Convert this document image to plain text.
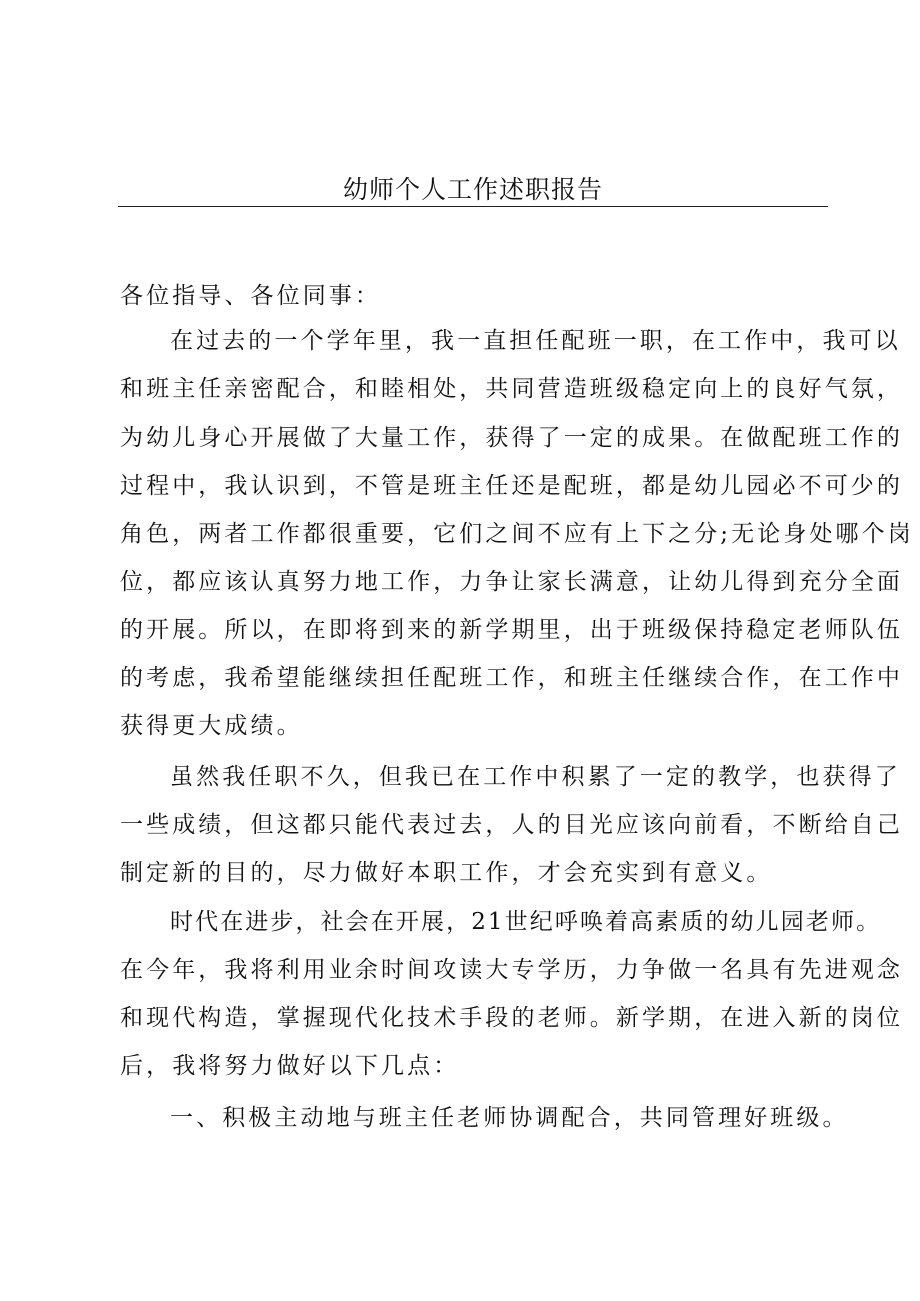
幼师个人工作述职报告
各位指导、各位同事：
在过去的一个学年里，我一直担任配班一职，在工作中，我可以
和班主任亲密配合，和睦相处，共同营造班级稳定向上的良好气氛，
为幼儿身心开展做了大量工作，获得了一定的成果。在做配班工作的
过程中，我认识到，不管是班主任还是配班，都是幼儿园必不可少的
角色，两者工作都很重要，它们之间不应有上下之分;无论身处哪个岗
位，都应该认真努力地工作，力争让家长满意，让幼儿得到充分全面
的开展。所以，在即将到来的新学期里，出于班级保持稳定老师队伍
的考虑，我希望能继续担任配班工作，和班主任继续合作，在工作中
获得更大成绩。
虽然我任职不久，但我已在工作中积累了一定的教学，也获得了
一些成绩，但这都只能代表过去，人的目光应该向前看，不断给自己
制定新的目的，尽力做好本职工作，才会充实到有意义。
时代在进步，社会在开展，21世纪呼唤着高素质的幼儿园老师。
在今年，我将利用业余时间攻读大专学历，力争做一名具有先进观念
和现代构造，掌握现代化技术手段的老师。新学期，在进入新的岗位
后，我将努力做好以下几点：
一、积极主动地与班主任老师协调配合，共同管理好班级。
